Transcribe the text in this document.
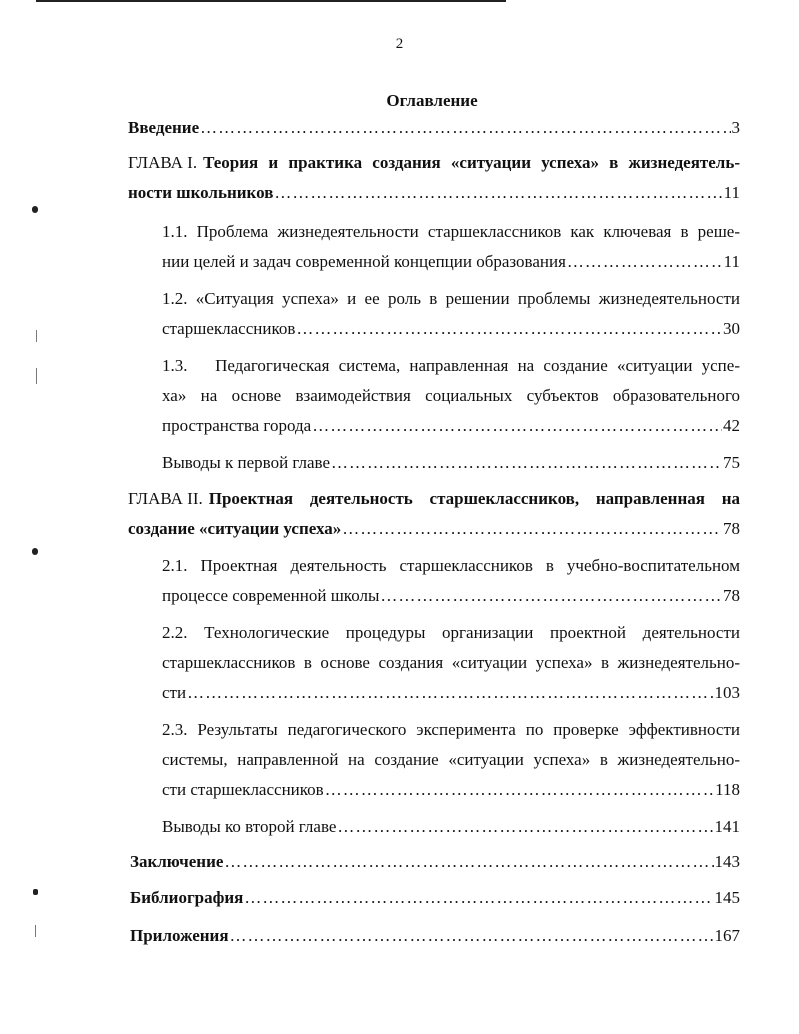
2
Оглавление
Введение ……………………………………………………………………………………………………………………………………………………………	3
ГЛАВА I. Теория и практика создания «ситуации успеха» в жизнедеятель-
ности школьников ……………………………………………………………………………………………………………………………………………………………	11
1.1. Проблема жизнедеятельности старшеклассников как ключевая в реше-
нии целей и задач современной концепции образования ……………………………………………………………………………………………………………………………………………………………	11
1.2. «Ситуация успеха» и ее роль в решении проблемы жизнедеятельности
старшеклассников ……………………………………………………………………………………………………………………………………………………………	30
1.3.   Педагогическая система, направленная на создание «ситуации успе-
ха» на основе взаимодействия социальных субъектов образовательного
пространства города ……………………………………………………………………………………………………………………………………………………………	42
Выводы к первой главе ……………………………………………………………………………………………………………………………………………………………	75
ГЛАВА II. Проектная деятельность старшеклассников, направленная на
создание «ситуации успеха» ……………………………………………………………………………………………………………………………………………………………	78
2.1. Проектная деятельность старшеклассников в учебно-воспитательном
процессе современной школы ……………………………………………………………………………………………………………………………………………………………	78
2.2. Технологические процедуры организации проектной деятельности
старшеклассников в основе создания «ситуации успеха» в жизнедеятельно-
сти ……………………………………………………………………………………………………………………………………………………………	103
2.3. Результаты педагогического эксперимента по проверке эффективности
системы, направленной на создание «ситуации успеха» в жизнедеятельно-
сти старшеклассников ……………………………………………………………………………………………………………………………………………………………	118
Выводы ко второй главе ……………………………………………………………………………………………………………………………………………………………	141
Заключение ……………………………………………………………………………………………………………………………………………………………	143
Библиография ……………………………………………………………………………………………………………………………………………………………	145
Приложения ……………………………………………………………………………………………………………………………………………………………	167
